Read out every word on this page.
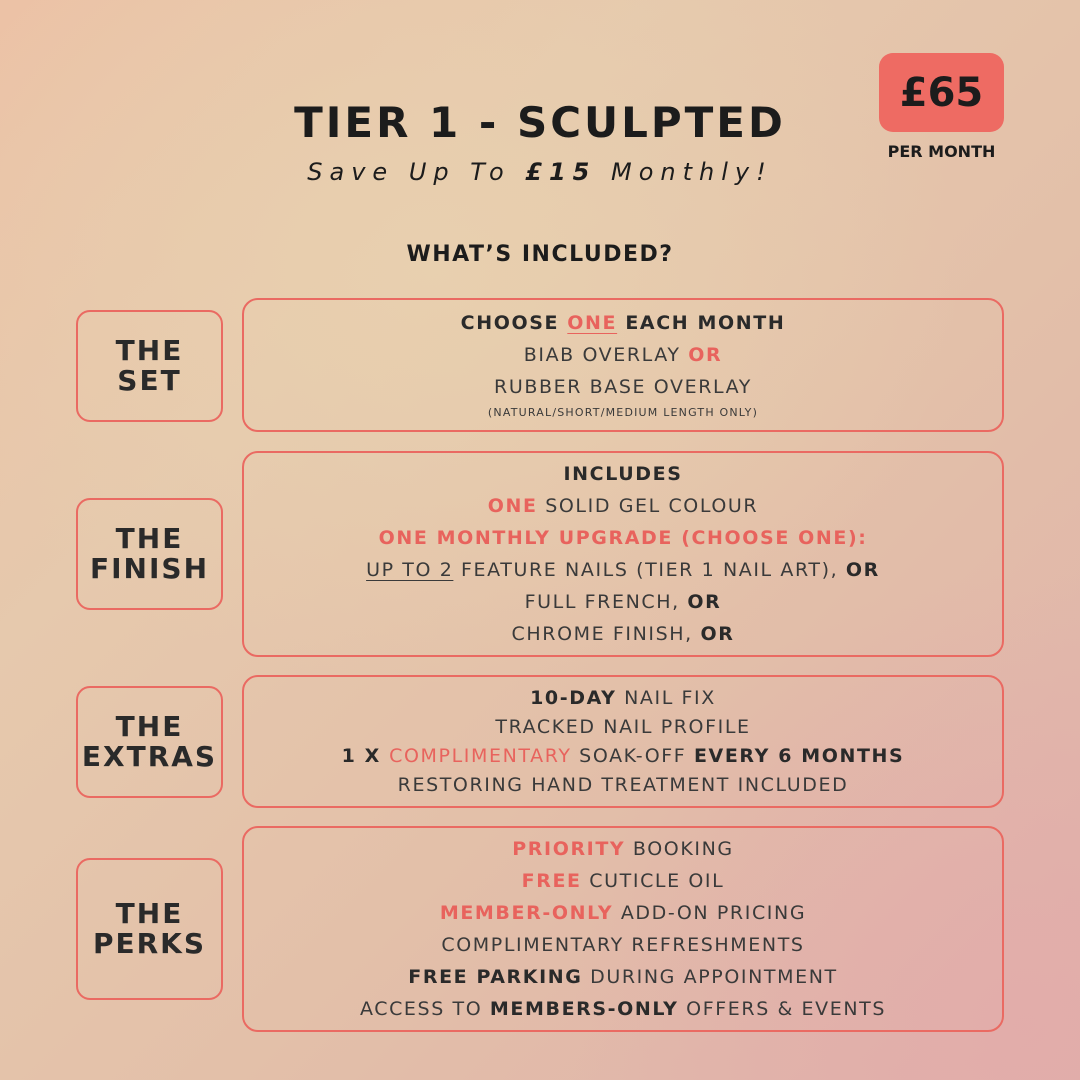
TIER 1 - SCULPTED
Save Up To £15 Monthly!
£65
PER MONTH
WHAT’S INCLUDED?
THE
SET
CHOOSE ONE EACH MONTH
BIAB OVERLAY OR
RUBBER BASE OVERLAY
(NATURAL/SHORT/MEDIUM LENGTH ONLY)
THE
FINISH
INCLUDES
ONE SOLID GEL COLOUR
ONE MONTHLY UPGRADE (CHOOSE ONE):
UP TO 2 FEATURE NAILS (TIER 1 NAIL ART), OR
FULL FRENCH, OR
CHROME FINISH, OR
THE
EXTRAS
10-DAY NAIL FIX
TRACKED NAIL PROFILE
1 X COMPLIMENTARY SOAK-OFF EVERY 6 MONTHS
RESTORING HAND TREATMENT INCLUDED
THE
PERKS
PRIORITY BOOKING
FREE CUTICLE OIL
MEMBER-ONLY ADD-ON PRICING
COMPLIMENTARY REFRESHMENTS
FREE PARKING DURING APPOINTMENT
ACCESS TO MEMBERS-ONLY OFFERS & EVENTS
